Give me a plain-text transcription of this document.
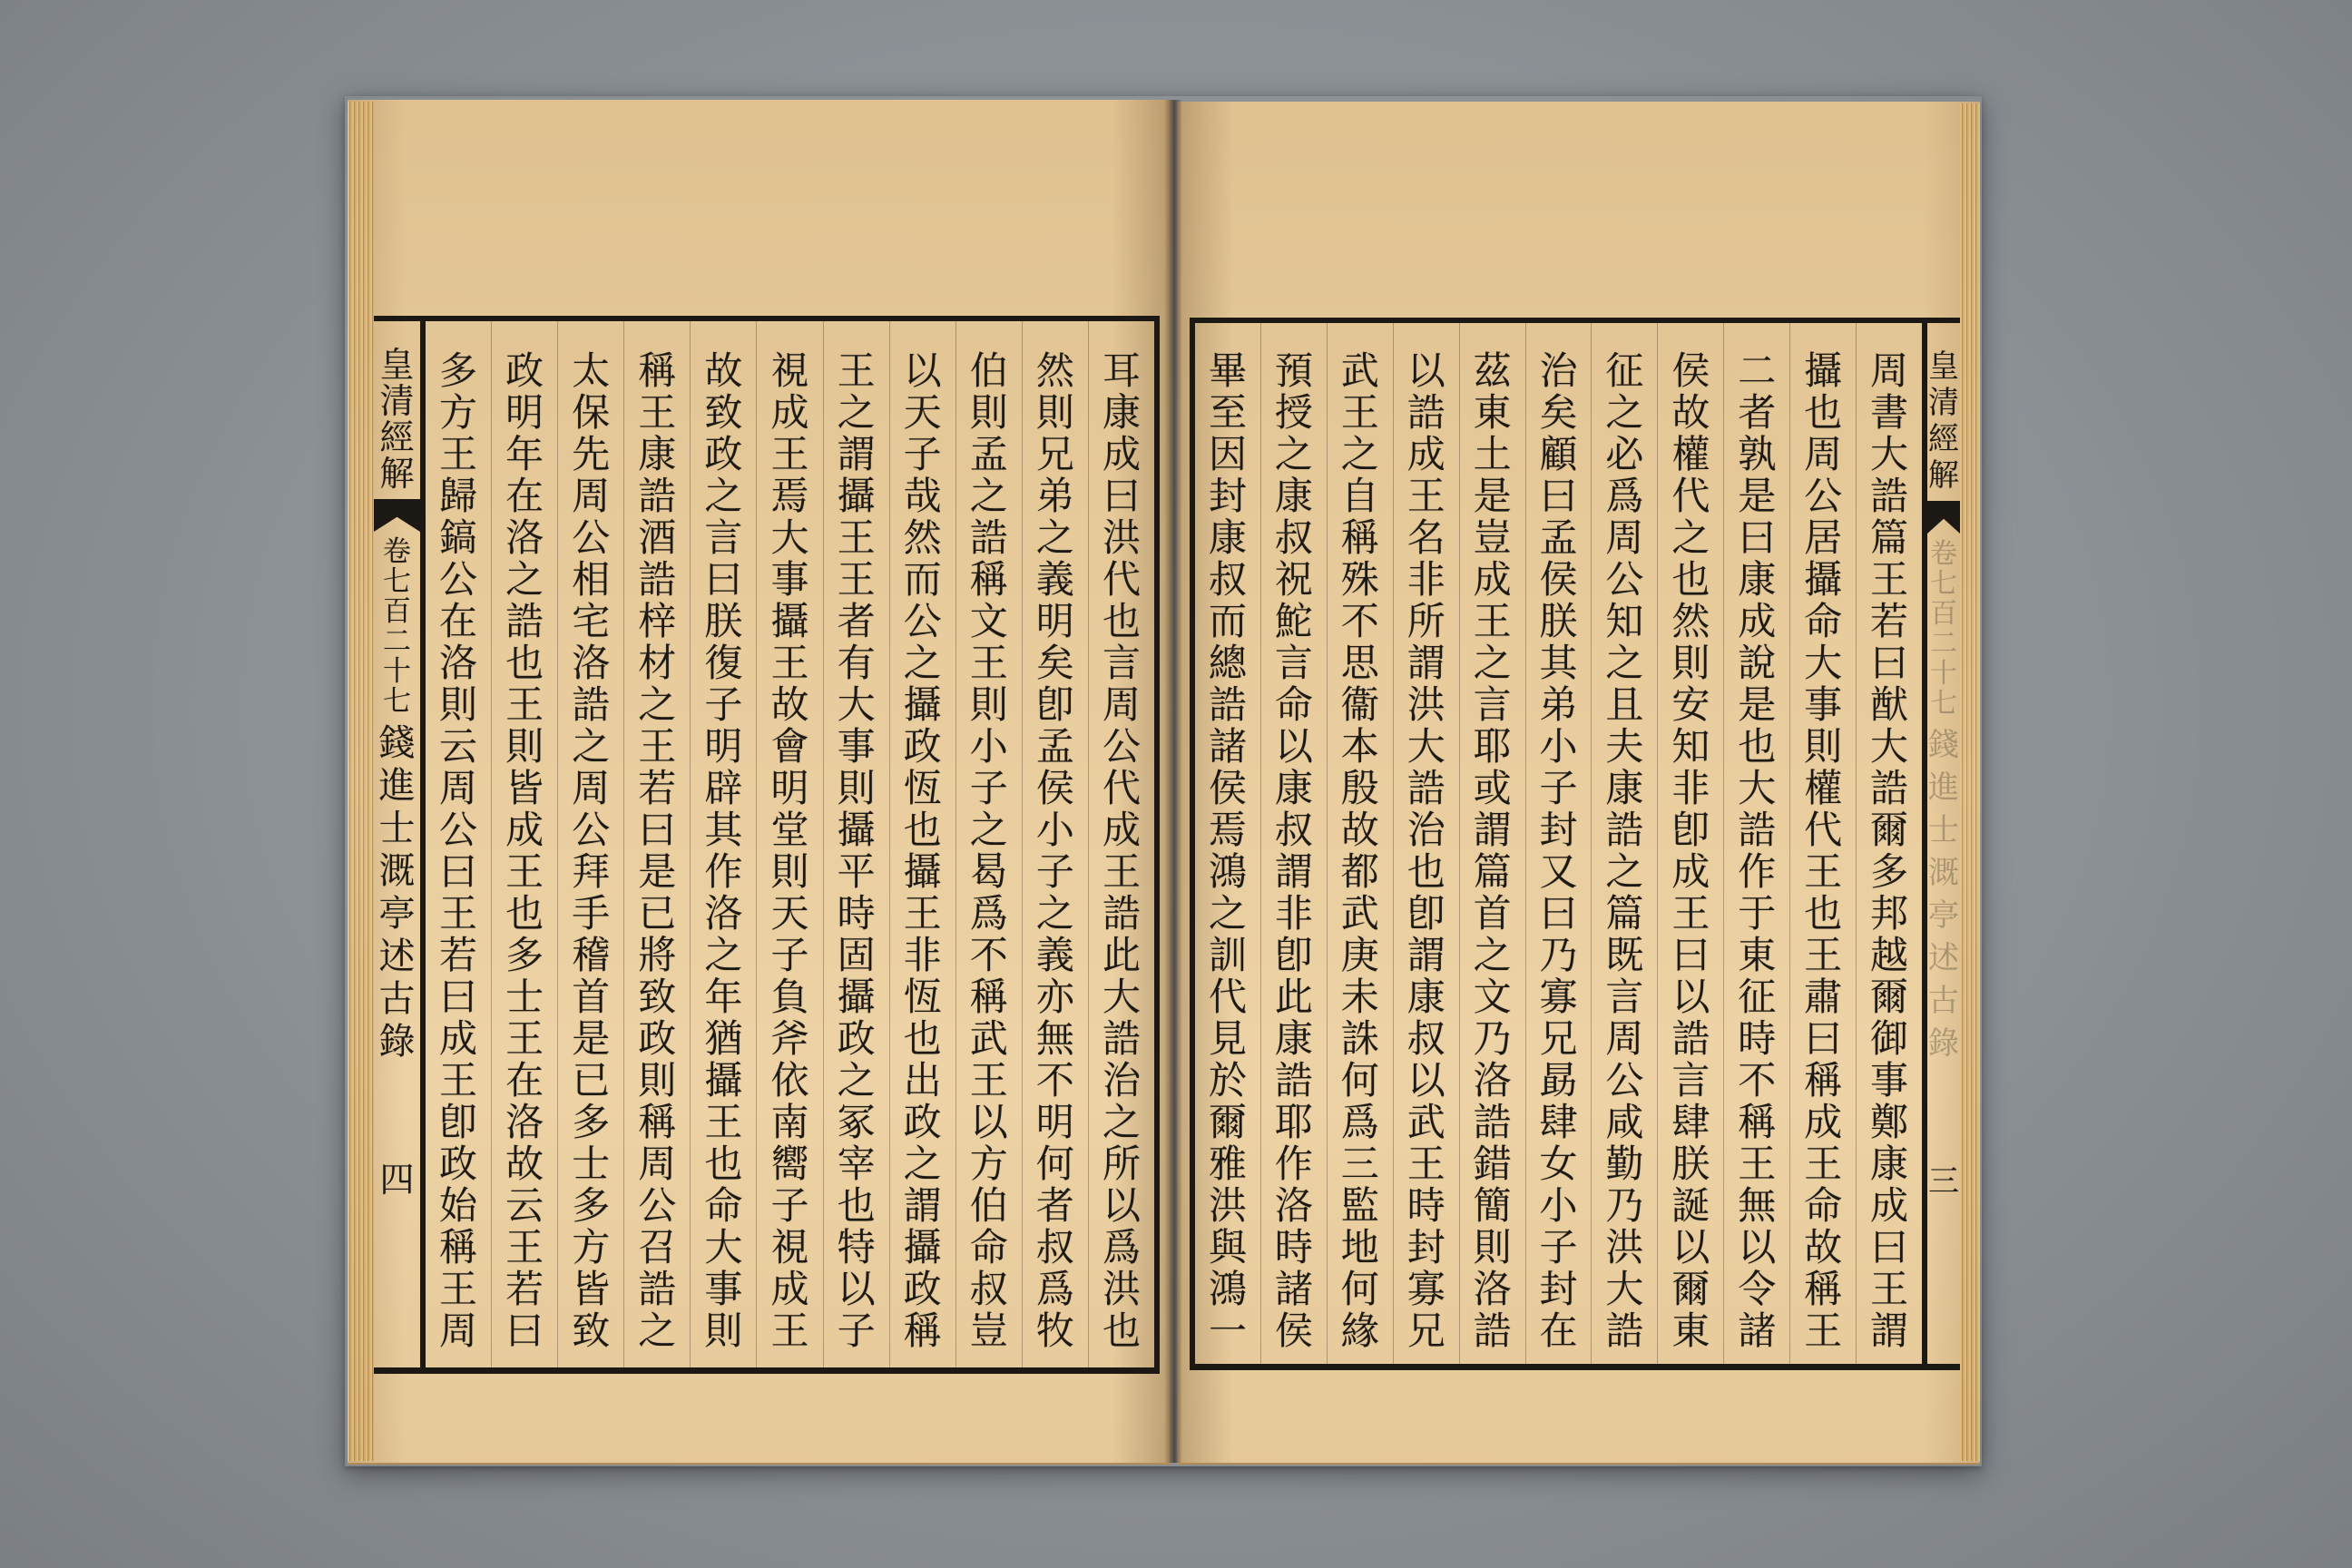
皇
清
經
解
卷
七
百
二
十
七
錢
進
士
溉
亭
述
古
錄
四
耳
康
成
曰
洪
代
也
言
周
公
代
成
王
誥
此
大
誥
治
之
所
以
爲
洪
也
然
則
兄
弟
之
義
明
矣
卽
孟
侯
小
子
之
義
亦
無
不
明
何
者
叔
爲
牧
伯
則
孟
之
誥
稱
文
王
則
小
子
之
曷
爲
不
稱
武
王
以
方
伯
命
叔
豈
以
天
子
哉
然
而
公
之
攝
政
恆
也
攝
王
非
恆
也
出
政
之
謂
攝
政
稱
王
之
謂
攝
王
王
者
有
大
事
則
攝
平
時
固
攝
政
之
冢
宰
也
特
以
子
視
成
王
焉
大
事
攝
王
故
會
明
堂
則
天
子
負
斧
依
南
嚮
子
視
成
王
故
致
政
之
言
曰
朕
復
子
明
辟
其
作
洛
之
年
猶
攝
王
也
命
大
事
則
稱
王
康
誥
酒
誥
梓
材
之
王
若
曰
是
已
將
致
政
則
稱
周
公
召
誥
之
太
保
先
周
公
相
宅
洛
誥
之
周
公
拜
手
稽
首
是
已
多
士
多
方
皆
致
政
明
年
在
洛
之
誥
也
王
則
皆
成
王
也
多
士
王
在
洛
故
云
王
若
曰
多
方
王
歸
鎬
公
在
洛
則
云
周
公
曰
王
若
曰
成
王
卽
政
始
稱
王
周
皇
清
經
解
卷
七
百
二
十
七
錢
進
士
溉
亭
述
古
錄
三
周
書
大
誥
篇
王
若
曰
猷
大
誥
爾
多
邦
越
爾
御
事
鄭
康
成
曰
王
謂
攝
也
周
公
居
攝
命
大
事
則
權
代
王
也
王
肅
曰
稱
成
王
命
故
稱
王
二
者
孰
是
曰
康
成
說
是
也
大
誥
作
于
東
征
時
不
稱
王
無
以
令
諸
侯
故
權
代
之
也
然
則
安
知
非
卽
成
王
曰
以
誥
言
肆
朕
誕
以
爾
東
征
之
必
爲
周
公
知
之
且
夫
康
誥
之
篇
既
言
周
公
咸
勤
乃
洪
大
誥
治
矣
顧
曰
孟
侯
朕
其
弟
小
子
封
又
曰
乃
寡
兄
勗
肆
女
小
子
封
在
茲
東
土
是
豈
成
王
之
言
耶
或
謂
篇
首
之
文
乃
洛
誥
錯
簡
則
洛
誥
以
誥
成
王
名
非
所
謂
洪
大
誥
治
也
卽
謂
康
叔
以
武
王
時
封
寡
兄
武
王
之
自
稱
殊
不
思
衞
本
殷
故
都
武
庚
未
誅
何
爲
三
監
地
何
緣
預
授
之
康
叔
祝
鮀
言
命
以
康
叔
謂
非
卽
此
康
誥
耶
作
洛
時
諸
侯
畢
至
因
封
康
叔
而
總
誥
諸
侯
焉
鴻
之
訓
代
見
於
爾
雅
洪
與
鴻
一
